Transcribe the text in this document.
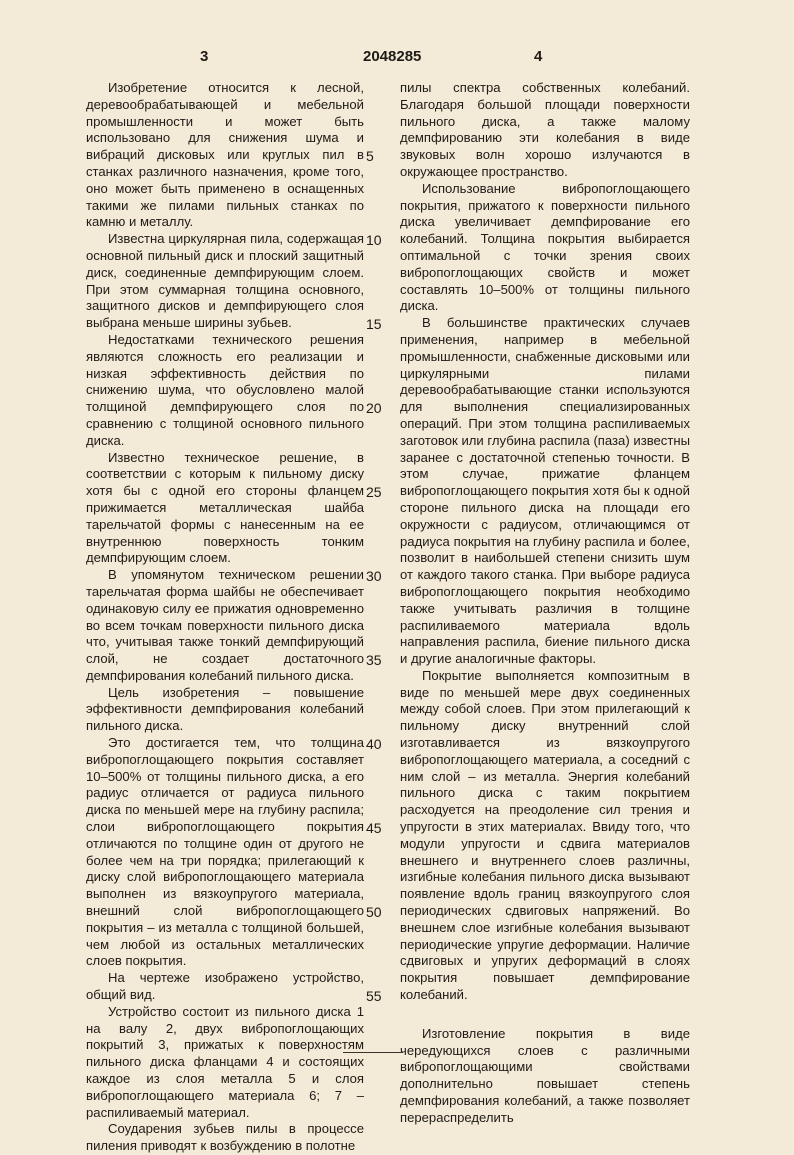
3	2048285	4

Изобретение относится к лесной, деревообрабатывающей и мебельной промышленности и может быть использовано для снижения шума и вибраций дисковых или круглых пил в станках различного назначения, кроме того, оно может быть применено в оснащенных такими же пилами пильных станках по камню и металлу.

Известна циркулярная пила, содержащая основной пильный диск и плоский защитный диск, соединенные демпфирующим слоем. При этом суммарная толщина основного, защитного дисков и демпфирующего слоя выбрана меньше ширины зубьев.

Недостатками технического решения являются сложность его реализации и низкая эффективность действия по снижению шума, что обусловлено малой толщиной демпфирующего слоя по сравнению с толщиной основного пильного диска.

Известно техническое решение, в соответствии с которым к пильному диску хотя бы с одной его стороны фланцем прижимается металлическая шайба тарельчатой формы с нанесенным на ее внутреннюю поверхность тонким демпфирующим слоем.

В упомянутом техническом решении тарельчатая форма шайбы не обеспечивает одинаковую силу ее прижатия одновременно во всем точкам поверхности пильного диска что, учитывая также тонкий демпфирующий слой, не создает достаточного демпфирования колебаний пильного диска.

Цель изобретения – повышение эффективности демпфирования колебаний пильного диска.

Это достигается тем, что толщина вибропоглощающего покрытия составляет 10–500% от толщины пильного диска, а его радиус отличается от радиуса пильного диска по меньшей мере на глубину распила; слои вибропоглощающего покрытия отличаются по толщине один от другого не более чем на три порядка; прилегающий к диску слой вибропоглощающего материала выполнен из вязкоупругого материала, внешний слой вибропоглощающего покрытия – из металла с толщиной большей, чем любой из остальных металлических слоев покрытия.

На чертеже изображено устройство, общий вид.

Устройство состоит из пильного диска 1 на валу 2, двух вибропоглощающих покрытий 3, прижатых к поверхностям пильного диска фланцами 4 и состоящих каждое из слоя металла 5 и слоя вибропоглощающего материала 6; 7 – распиливаемый материал.

Соударения зубьев пилы в процессе пиления приводят к возбуждению в полотне

пилы спектра собственных колебаний. Благодаря большой площади поверхности пильного диска, а также малому демпфированию эти колебания в виде звуковых волн хорошо излучаются в окружающее пространство.

Использование вибропоглощающего покрытия, прижатого к поверхности пильного диска увеличивает демпфирование его колебаний. Толщина покрытия выбирается оптимальной с точки зрения своих вибропоглощающих свойств и может составлять 10–500% от толщины пильного диска.

В большинстве практических случаев применения, например в мебельной промышленности, снабженные дисковыми или циркулярными пилами деревообрабатывающие станки используются для выполнения специализированных операций. При этом толщина распиливаемых заготовок или глубина распила (паза) известны заранее с достаточной степенью точности. В этом случае, прижатие фланцем вибропоглощающего покрытия хотя бы к одной стороне пильного диска на площади его окружности с радиусом, отличающимся от радиуса покрытия на глубину распила и более, позволит в наибольшей степени снизить шум от каждого такого станка. При выборе радиуса вибропоглощающего покрытия необходимо также учитывать различия в толщине распиливаемого материала вдоль направления распила, биение пильного диска и другие аналогичные факторы.

Покрытие выполняется композитным в виде по меньшей мере двух соединенных между собой слоев. При этом прилегающий к пильному диску внутренний слой изготавливается из вязкоупругого вибропоглощающего материала, а соседний с ним слой – из металла. Энергия колебаний пильного диска с таким покрытием расходуется на преодоление сил трения и упругости в этих материалах. Ввиду того, что модули упругости и сдвига материалов внешнего и внутреннего слоев различны, изгибные колебания пильного диска вызывают появление вдоль границ вязкоупругого слоя периодических сдвиговых напряжений. Во внешнем слое изгибные колебания вызывают периодические упругие деформации. Наличие сдвиговых и упругих деформаций в слоях покрытия повышает демпфирование колебаний.

Изготовление покрытия в виде чередующихся слоев с различными вибропоглощающими свойствами дополнительно повышает степень демпфирования колебаний, а также позволяет перераспределить

5
10
15
20
25
30
35
40
45
50
55
